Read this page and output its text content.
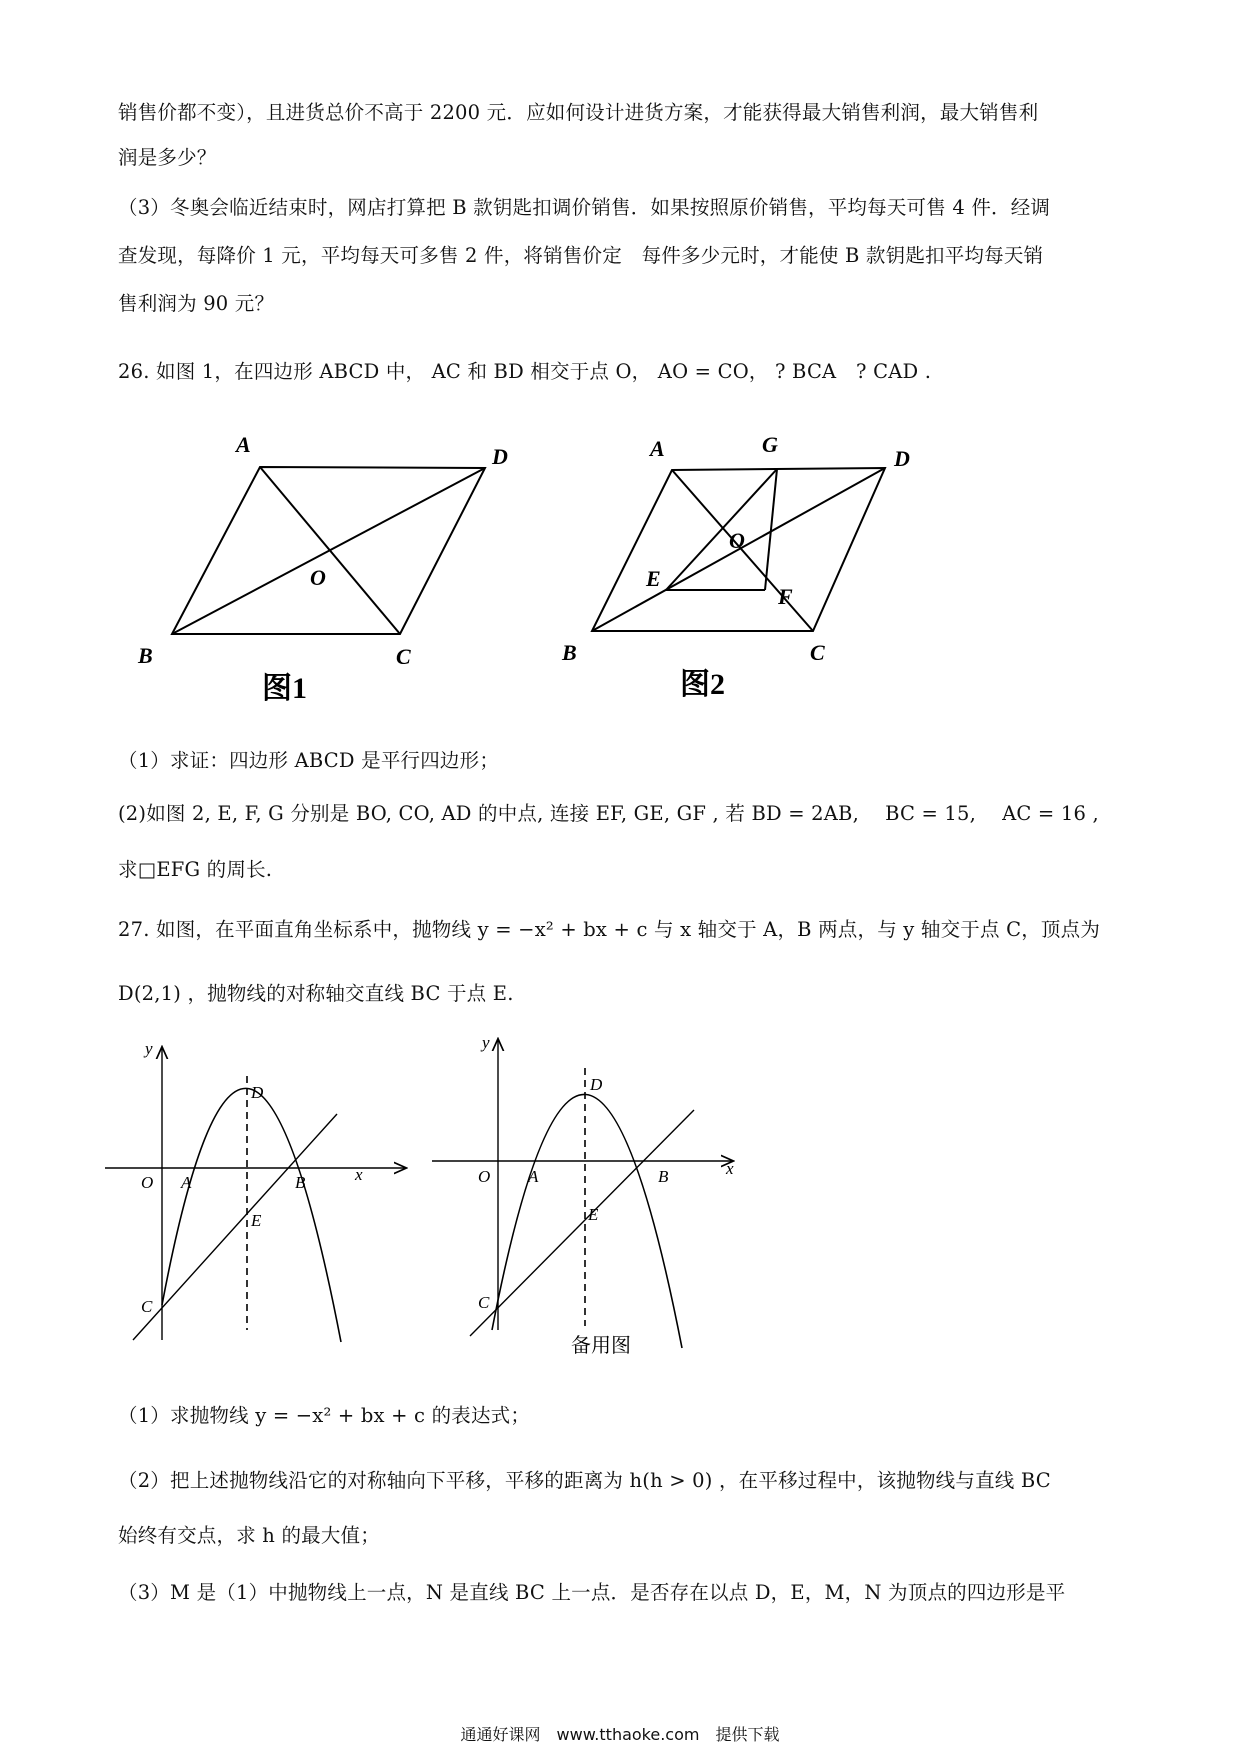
销售价都不变），且进货总价不高于 2200 元．应如何设计进货方案，才能获得最大销售利润，最大销售利
润是多少？
（3）冬奥会临近结束时，网店打算把 B 款钥匙扣调价销售．如果按照原价销售，平均每天可售 4 件．经调
查发现，每降价 1 元，平均每天可多售 2 件，将销售价定　每件多少元时，才能使 B 款钥匙扣平均每天销
售利润为 90 元？
26. 如图 1，在四边形 ABCD 中， AC 和 BD 相交于点 O， AO = CO， ? BCA　? CAD .
A	D
O
B	C
图1
A	G
D
O
E
F
B	C
图2
（1）求证：四边形 ABCD 是平行四边形；
(2)如图 2, E, F, G 分别是 BO, CO, AD 的中点, 连接 EF, GE, GF , 若 BD = 2AB,　 BC = 15,　 AC = 16 ,
求□EFG 的周长.
27. 如图，在平面直角坐标系中，抛物线 y = −x² + bx + c 与 x 轴交于 A，B 两点，与 y 轴交于点 C，顶点为
D(2,1) ，抛物线的对称轴交直线 BC 于点 E.
y
x
O A	B
D
E
C
y
x
O A	B
D
E
C
备用图
（1）求抛物线 y = −x² + bx + c 的表达式；
（2）把上述抛物线沿它的对称轴向下平移，平移的距离为 h(h > 0) ，在平移过程中，该抛物线与直线 BC
始终有交点，求 h 的最大值；
（3）M 是（1）中抛物线上一点，N 是直线 BC 上一点．是否存在以点 D，E，M，N 为顶点的四边形是平
通通好课网　www.tthaoke.com　提供下载
